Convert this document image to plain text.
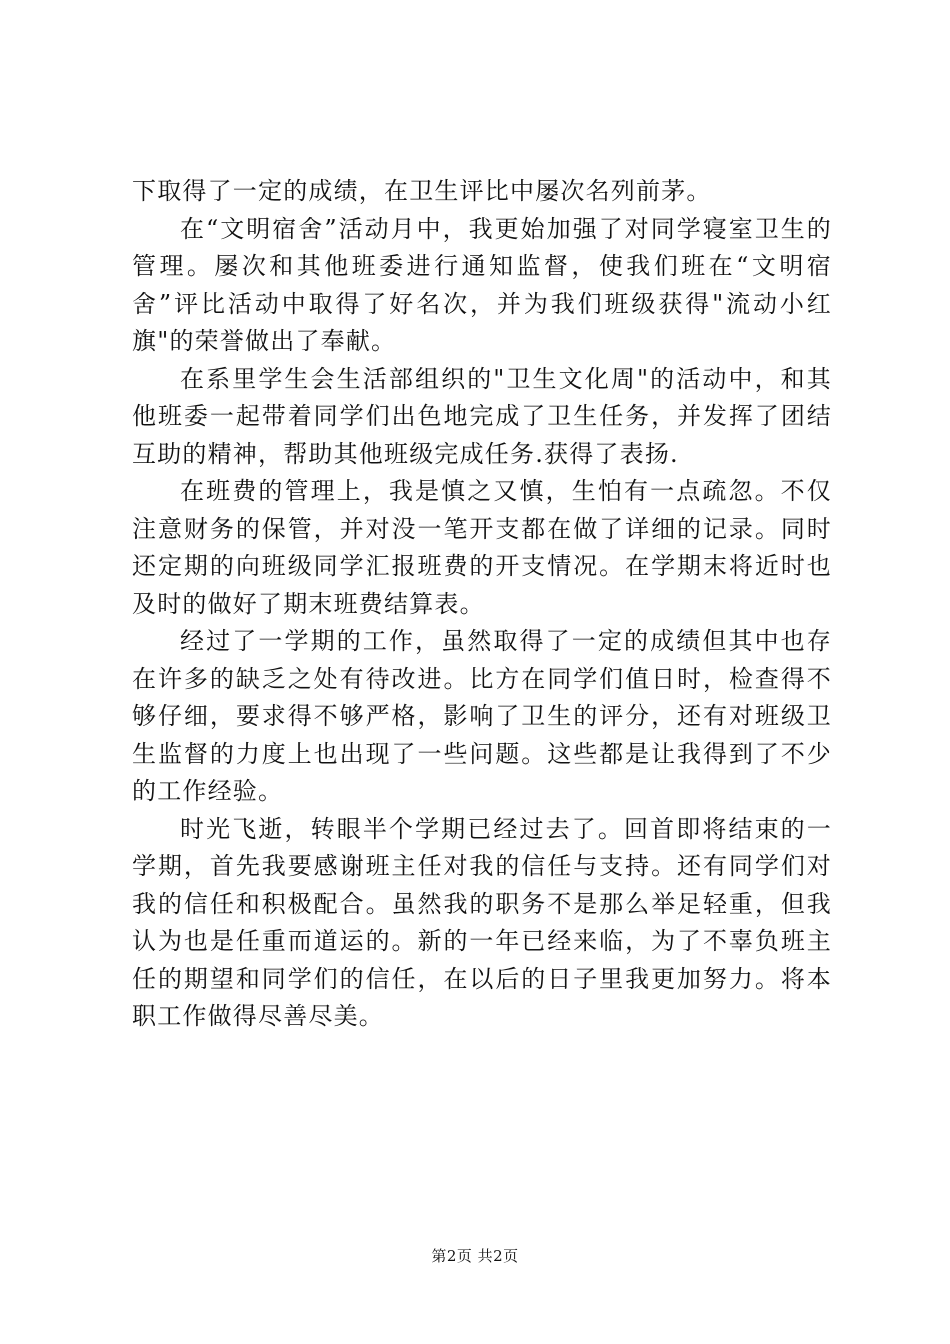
下取得了一定的成绩，在卫生评比中屡次名列前茅。

在“文明宿舍”活动月中，我更始加强了对同学寝室卫生的管理。屡次和其他班委进行通知监督，使我们班在“文明宿舍”评比活动中取得了好名次，并为我们班级获得"流动小红旗"的荣誉做出了奉献。

在系里学生会生活部组织的"卫生文化周"的活动中，和其他班委一起带着同学们出色地完成了卫生任务，并发挥了团结互助的精神，帮助其他班级完成任务.获得了表扬.

在班费的管理上，我是慎之又慎，生怕有一点疏忽。不仅注意财务的保管，并对没一笔开支都在做了详细的记录。同时还定期的向班级同学汇报班费的开支情况。在学期末将近时也及时的做好了期末班费结算表。

经过了一学期的工作，虽然取得了一定的成绩但其中也存在许多的缺乏之处有待改进。比方在同学们值日时，检查得不够仔细，要求得不够严格，影响了卫生的评分，还有对班级卫生监督的力度上也出现了一些问题。这些都是让我得到了不少的工作经验。

时光飞逝，转眼半个学期已经过去了。回首即将结束的一学期，首先我要感谢班主任对我的信任与支持。还有同学们对我的信任和积极配合。虽然我的职务不是那么举足轻重，但我认为也是任重而道运的。新的一年已经来临，为了不辜负班主任的期望和同学们的信任，在以后的日子里我更加努力。将本职工作做得尽善尽美。

第2页 共2页
